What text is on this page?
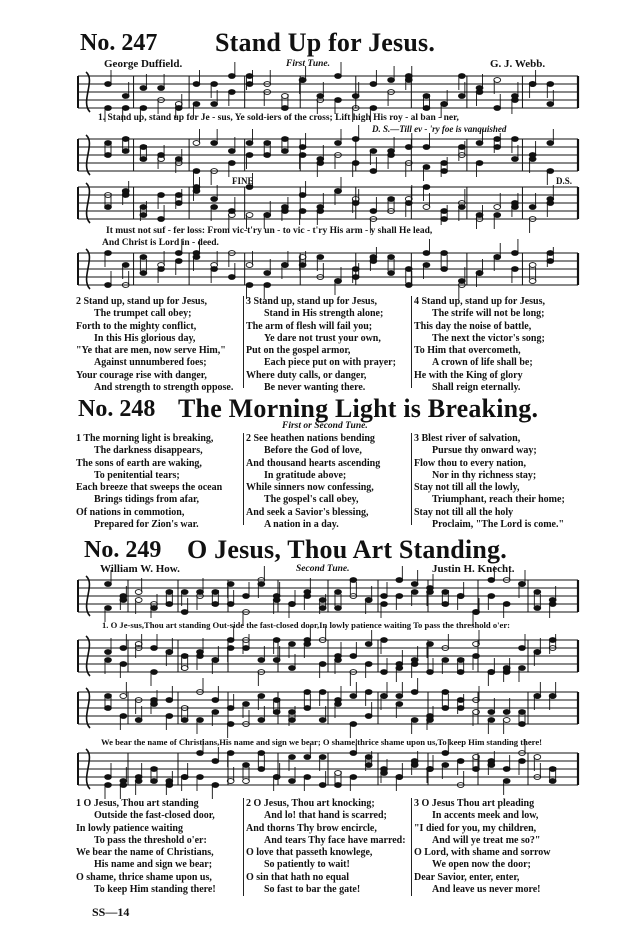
No. 247 Stand Up for Jesus.
George Duffield.	First Tune.	G. J. Webb.
1. Stand up, stand up for Je - sus, Ye sold-iers of the cross; Lift high His roy - al ban - ner,
D. S.—Till ev - 'ry foe is vanquished
FINE	D.S.
It must not suf - fer loss: From vic-t'ry un - to vic - t'ry His arm - y shall He lead,
And Christ is Lord in - deed.
2 Stand up, stand up for Jesus,
The trumpet call obey;
Forth to the mighty conflict,
In this His glorious day,
"Ye that are men, now serve Him,"
Against unnumbered foes;
Your courage rise with danger,
And strength to strength oppose.
3 Stand up, stand up for Jesus,
Stand in His strength alone;
The arm of flesh will fail you;
Ye dare not trust your own,
Put on the gospel armor,
Each piece put on with prayer;
Where duty calls, or danger,
Be never wanting there.
4 Stand up, stand up for Jesus,
The strife will not be long;
This day the noise of battle,
The next the victor's song;
To Him that overcometh,
A crown of life shall be;
He with the King of glory
Shall reign eternally.
No. 248 The Morning Light is Breaking.
First or Second Tune.
1 The morning light is breaking,
The darkness disappears,
The sons of earth are waking,
To penitential tears;
Each breeze that sweeps the ocean
Brings tidings from afar,
Of nations in commotion,
Prepared for Zion's war.
2 See heathen nations bending
Before the God of love,
And thousand hearts ascending
In gratitude above;
While sinners now confessing,
The gospel's call obey,
And seek a Savior's blessing,
A nation in a day.
3 Blest river of salvation,
Pursue thy onward way;
Flow thou to every nation,
Nor in thy richness stay;
Stay not till all the lowly,
Triumphant, reach their home;
Stay not till all the holy
Proclaim, "The Lord is come."
No. 249 O Jesus, Thou Art Standing.
William W. How.	Second Tune.	Justin H. Knecht.
1. O Je-sus,Thou art standing Out-side the fast-closed door,In lowly patience waiting To pass the threshold o'er:
We bear the name of Christians,His name and sign we bear; O shame,thrice shame upon us,To keep Him standing there!
1 O Jesus, Thou art standing
Outside the fast-closed door,
In lowly patience waiting
To pass the threshold o'er:
We bear the name of Christians,
His name and sign we bear;
O shame, thrice shame upon us,
To keep Him standing there!
2 O Jesus, Thou art knocking;
And lo! that hand is scarred;
And thorns Thy brow encircle,
And tears Thy face have marred:
O love that passeth knowlege,
So patiently to wait!
O sin that hath no equal
So fast to bar the gate!
3 O Jesus Thou art pleading
In accents meek and low,
"I died for you, my children,
And will ye treat me so?"
O Lord, with shame and sorrow
We open now the door;
Dear Savior, enter, enter,
And leave us never more!
SS—14
